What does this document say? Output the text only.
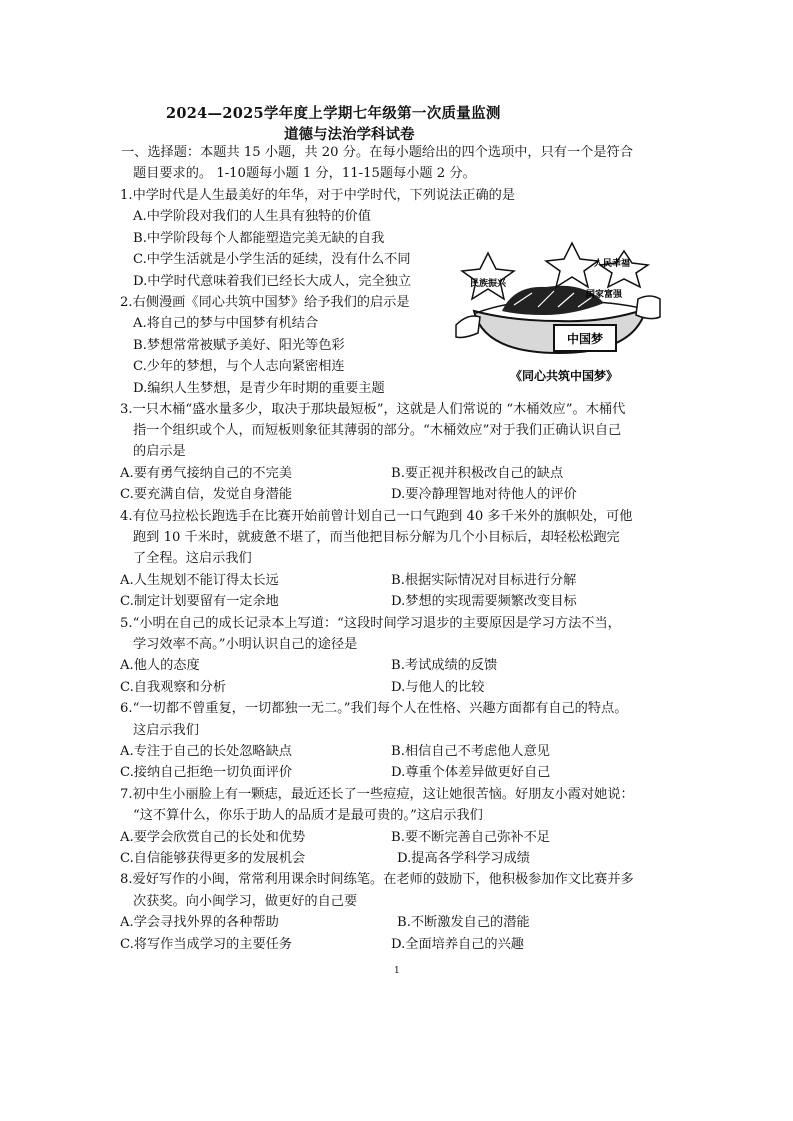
2024—2025学年度上学期七年级第一次质量监测
道德与法治学科试卷
一、选择题：本题共 15 小题，共 20 分。在每小题给出的四个选项中，只有一个是符合
题目要求的。 1-10题每小题 1 分，11-15题每小题 2 分。
1.中学时代是人生最美好的年华，对于中学时代，下列说法正确的是
A.中学阶段对我们的人生具有独特的价值
B.中学阶段每个人都能塑造完美无缺的自我
C.中学生活就是小学生活的延续，没有什么不同
D.中学时代意味着我们已经长大成人，完全独立
2.右侧漫画《同心共筑中国梦》给予我们的启示是
A.将自己的梦与中国梦有机结合
B.梦想常常被赋予美好、阳光等色彩
C.少年的梦想，与个人志向紧密相连
D.编织人生梦想，是青少年时期的重要主题
民族振兴
人民幸福
国家富强
中国梦
《同心共筑中国梦》
3.一只木桶“盛水量多少，取决于那块最短板”，这就是人们常说的 “木桶效应”。木桶代
指一个组织或个人，而短板则象征其薄弱的部分。“木桶效应”对于我们正确认识自己
的启示是
A.要有勇气接纳自己的不完美	B.要正视并积极改自己的缺点
C.要充满自信，发觉自身潜能	D.要冷静理智地对待他人的评价
4.有位马拉松长跑选手在比赛开始前曾计划自己一口气跑到 40 多千米外的旗帜处，可他
跑到 10 千米时，就疲惫不堪了，而当他把目标分解为几个小目标后，却轻松松跑完
了全程。这启示我们
A.人生规划不能订得太长远	B.根据实际情况对目标进行分解
C.制定计划要留有一定余地	D.梦想的实现需要频繁改变目标
5.“小明在自己的成长记录本上写道：“这段时间学习退步的主要原因是学习方法不当，
学习效率不高。”小明认识自己的途径是
A.他人的态度	B.考试成绩的反馈
C.自我观察和分析	D.与他人的比较
6.“一切都不曾重复，一切都独一无二。”我们每个人在性格、兴趣方面都有自己的特点。
这启示我们
A.专注于自己的长处忽略缺点	B.相信自己不考虑他人意见
C.接纳自己拒绝一切负面评价	D.尊重个体差异做更好自己
7.初中生小丽脸上有一颗痣，最近还长了一些痘痘，这让她很苦恼。好朋友小霞对她说：
“这不算什么，你乐于助人的品质才是最可贵的。”这启示我们
A.要学会欣赏自己的长处和优势	B.要不断完善自己弥补不足
C.自信能够获得更多的发展机会	D.提高各学科学习成绩
8.爱好写作的小闽，常常利用课余时间练笔。在老师的鼓励下，他积极参加作文比赛并多
次获奖。向小闽学习，做更好的自己要
A.学会寻找外界的各种帮助	B.不断激发自己的潜能
C.将写作当成学习的主要任务	D.全面培养自己的兴趣
1
